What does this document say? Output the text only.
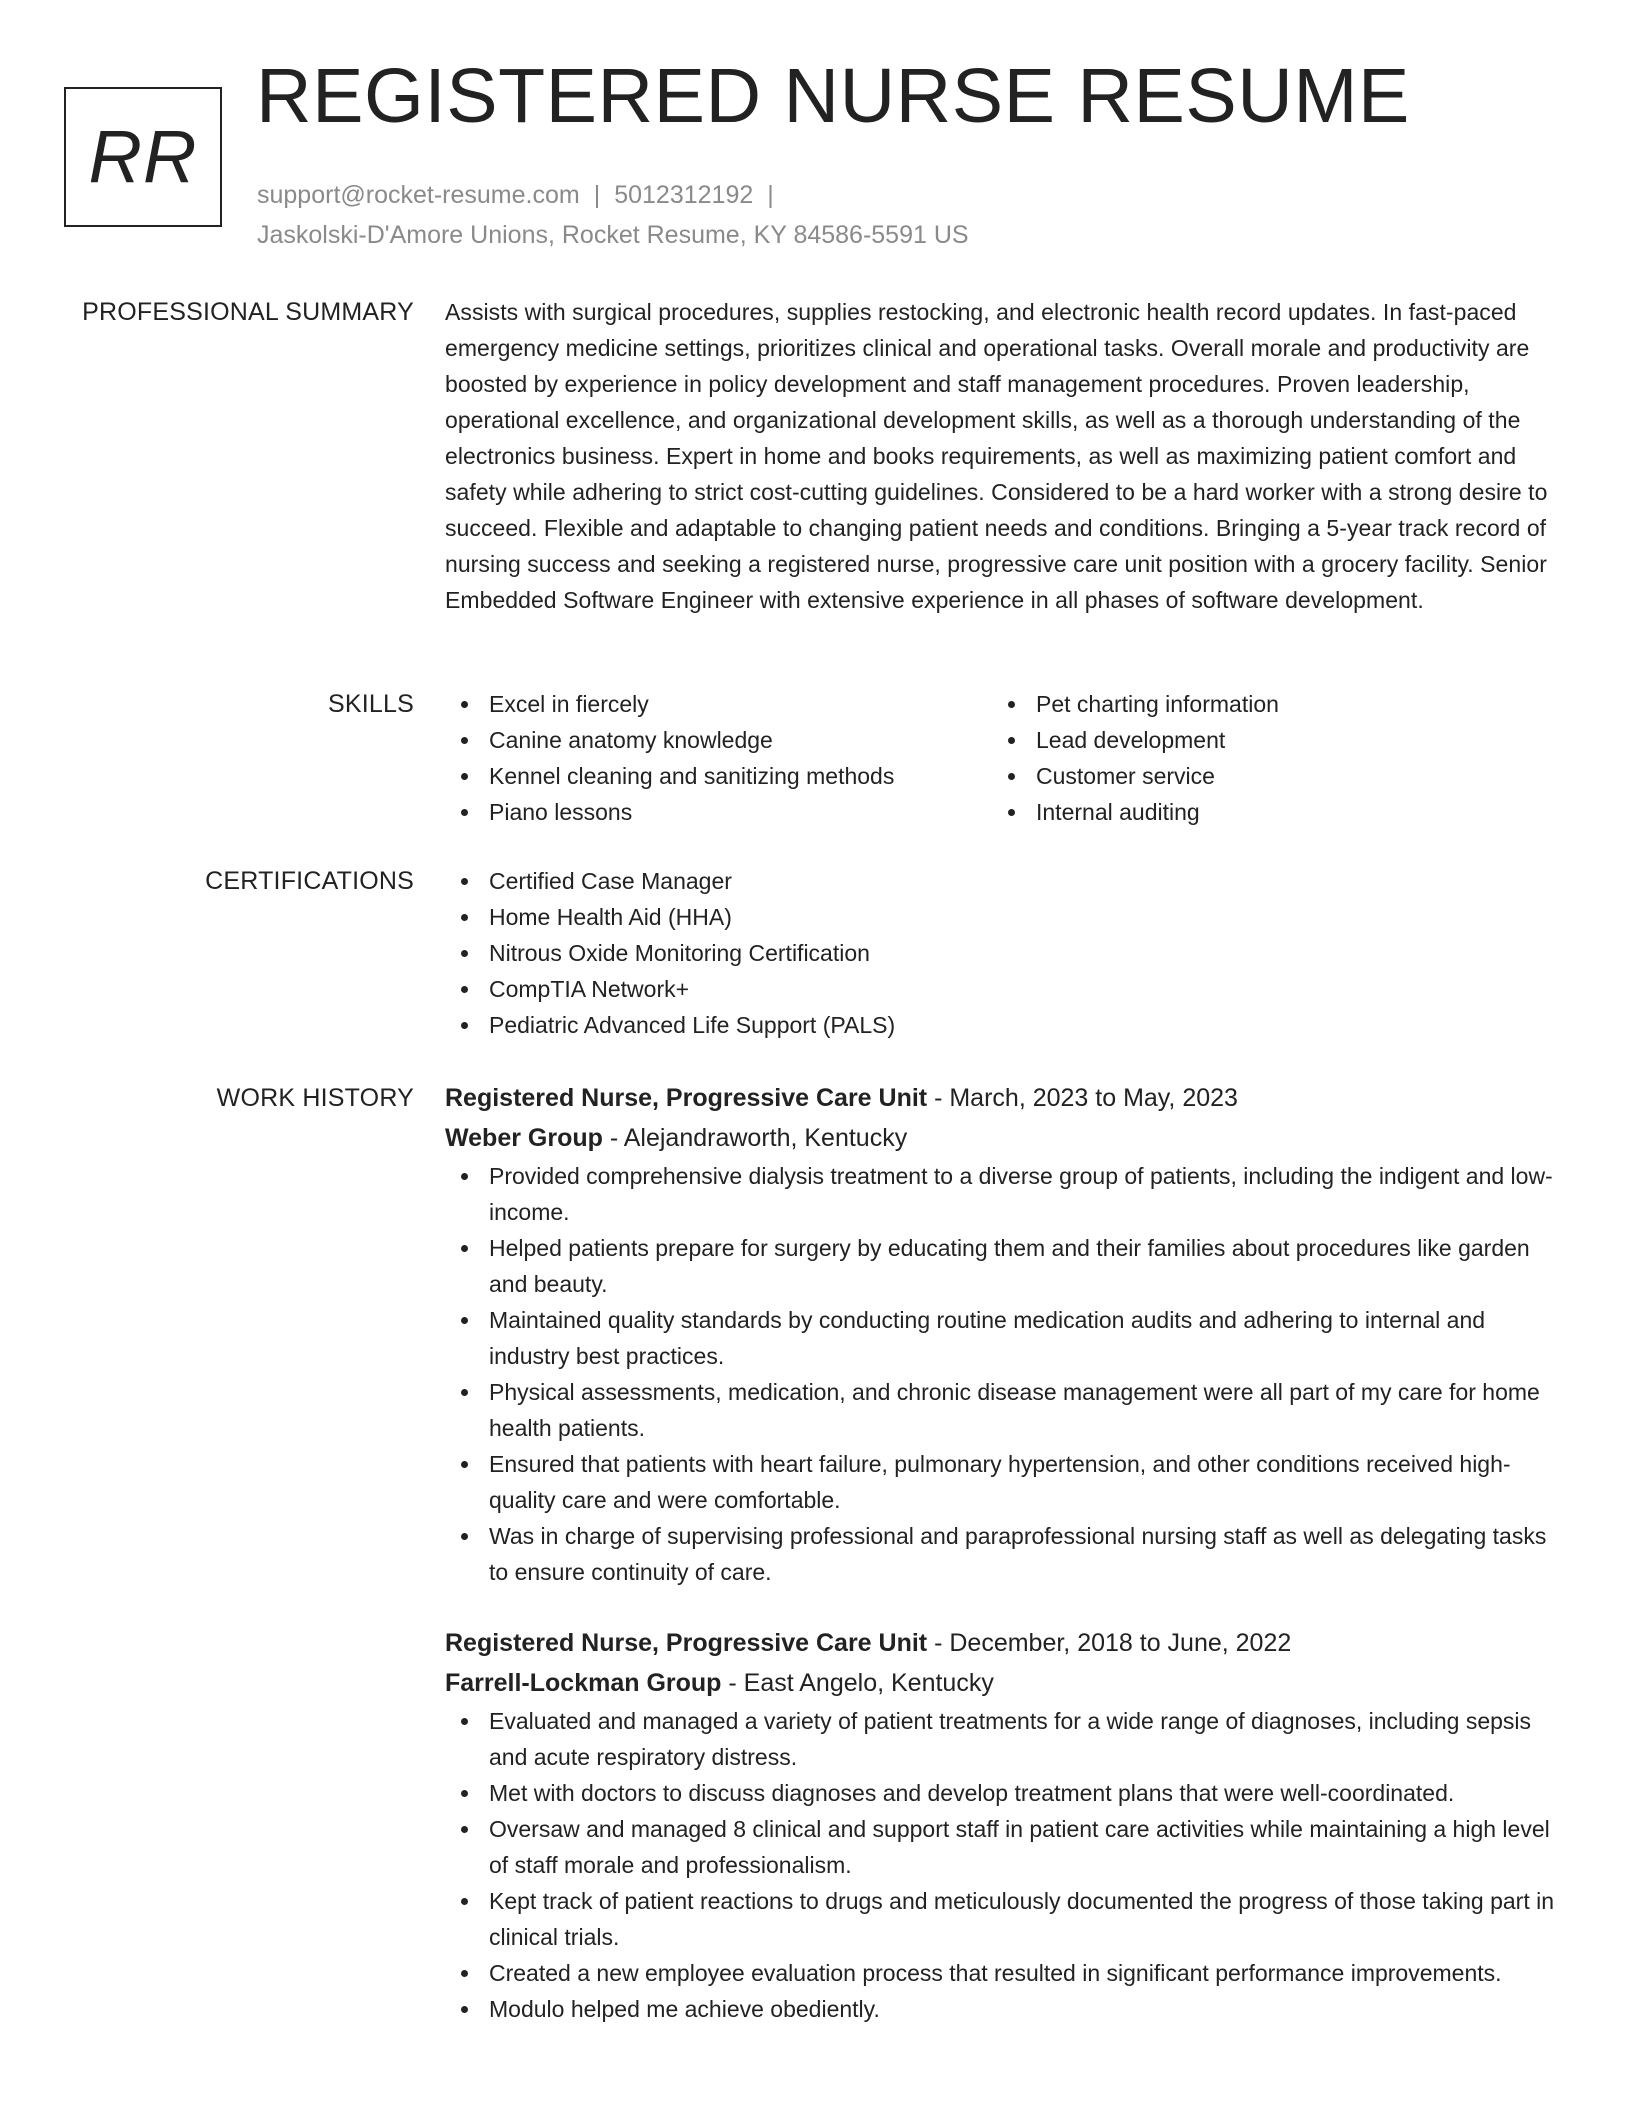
RR
REGISTERED NURSE RESUME
support@rocket-resume.com | 5012312192 |
Jaskolski-D'Amore Unions, Rocket Resume, KY 84586-5591 US
PROFESSIONAL SUMMARY Assists with surgical procedures, supplies restocking, and electronic health record updates. In fast-paced emergency medicine settings, prioritizes clinical and operational tasks. Overall morale and productivity are boosted by experience in policy development and staff management procedures. Proven leadership, operational excellence, and organizational development skills, as well as a thorough understanding of the electronics business. Expert in home and books requirements, as well as maximizing patient comfort and safety while adhering to strict cost-cutting guidelines. Considered to be a hard worker with a strong desire to succeed. Flexible and adaptable to changing patient needs and conditions. Bringing a 5-year track record of nursing success and seeking a registered nurse, progressive care unit position with a grocery facility. Senior Embedded Software Engineer with extensive experience in all phases of software development.

SKILLS	Excel in fiercely
Canine anatomy knowledge
Kennel cleaning and sanitizing methods
Piano lessons
Pet charting information
Lead development
Customer service
Internal auditing
CERTIFICATIONS	Certified Case Manager
Home Health Aid (HHA)
Nitrous Oxide Monitoring Certification
CompTIA Network+
Pediatric Advanced Life Support (PALS)
WORK HISTORY Registered Nurse, Progressive Care Unit - March, 2023 to May, 2023
Weber Group - Alejandraworth, Kentucky
Provided comprehensive dialysis treatment to a diverse group of patients, including the indigent and low-income.
Helped patients prepare for surgery by educating them and their families about procedures like garden and beauty.
Maintained quality standards by conducting routine medication audits and adhering to internal and industry best practices.
Physical assessments, medication, and chronic disease management were all part of my care for home health patients.
Ensured that patients with heart failure, pulmonary hypertension, and other conditions received high-quality care and were comfortable.
Was in charge of supervising professional and paraprofessional nursing staff as well as delegating tasks to ensure continuity of care.
Registered Nurse, Progressive Care Unit - December, 2018 to June, 2022
Farrell-Lockman Group - East Angelo, Kentucky
Evaluated and managed a variety of patient treatments for a wide range of diagnoses, including sepsis and acute respiratory distress.
Met with doctors to discuss diagnoses and develop treatment plans that were well-coordinated.
Oversaw and managed 8 clinical and support staff in patient care activities while maintaining a high level of staff morale and professionalism.
Kept track of patient reactions to drugs and meticulously documented the progress of those taking part in clinical trials.
Created a new employee evaluation process that resulted in significant performance improvements.
Modulo helped me achieve obediently.
